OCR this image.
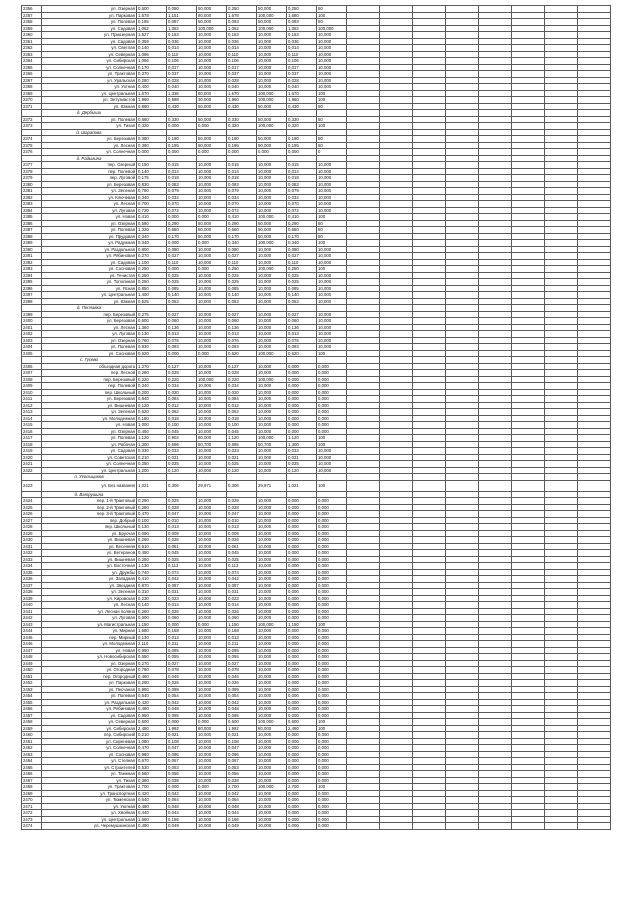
2356	ул. Озерная	0,500	0,050	50,000	0,250	50,000	0,250	50								
2357	ул. Парковая	1,678	1,151	80,000	1,678	100,000	1,680	100								
2358	ул. Полевая	0,185	0,087	50,000	0,093	50,000	0,093	50								
2359	ул. Садовая	1,062	1,062	100,000	1,062	100,000	1,062	100,000								
2360	ул. Приозерная	1,527	0,153	10,000	0,153	10,000	0,153	10,000								
2361	ул. Садовая	0,359	0,036	10,000	0,036	10,000	0,036	10,000								
2362	ул. Светлая	0,140	0,014	10,000	0,014	10,000	0,014	10,000								
2363	ул. Северная	1,096	0,110	10,000	0,110	10,000	0,110	10,000								
2364	ул. Сибирская	1,056	0,106	10,000	0,106	10,000	0,106	10,000								
2365	ул. Солнечная	0,170	0,017	10,000	0,017	10,000	0,017	10,000								
2366	ул. Трактовая	0,370	0,037	10,000	0,037	10,000	0,037	10,000								
2367	ул. Уральская	0,280	0,028	10,000	0,028	10,000	0,028	10,000								
2368	ул. Ухтная	0,400	0,040	10,000	0,040	10,000	0,040	10,000								
2369	ул. Центральная	1,670	1,336	80,000	1,670	100,000	1,670	100								
2370	ул. Энтузиастов	1,960	0,588	30,000	1,960	100,000	1,960	100								
2371	ул. Южная	0,860	0,430	50,000	0,430	50,000	0,430	50								
	д. Дербыши															
2372	ул. Полевая	0,660	0,330	50,000	0,330	50,000	0,330	50								
2373	ул. Тихая	0,320	0,000	0,000	0,320	100,000	0,320	100								
	д. Шарапова															
2374	ул. Березовая	0,380	0,190	50,000	0,190	50,000	0,190	50								
2375	ул. Лесная	0,390	0,195	50,000	0,195	50,000	0,195	50								
2376	ул. Солнечная	0,000	0,000	0,000	0,000	0,000	0,000	0								
	д. Радыгина															
2377	пер. Озерный	0,150	0,015	10,000	0,015	10,000	0,015	10,000								
2378	пер. Полевой	0,140	0,014	10,000	0,014	10,000	0,014	10,000								
2379	пер. Луговой	0,175	0,018	10,000	0,018	10,000	0,018	10,000								
2380	ул. Березовая	0,830	0,083	10,000	0,083	10,000	0,083	10,000								
2381	ул. Зеленая	0,790	0,079	10,000	0,079	10,000	0,079	10,000								
2382	ул. Ключевая	0,340	0,034	10,000	0,034	10,000	0,034	10,000								
2383	ул. Лесная	0,700	0,070	10,000	0,070	10,000	0,070	10,000								
2384	ул. Луговая	0,720	0,072	10,000	0,072	10,000	0,072	10,000								
2385	ул. Новая	0,410	0,000	0,000	0,410	100,000	0,410	100								
2386	ул. Озерная	0,580	0,290	50,000	0,290	50,000	0,290	50								
2387	ул. Полевая	1,320	0,660	50,000	0,660	50,000	0,660	50								
2388	ул. Прудовая	0,340	0,170	50,000	0,170	50,000	0,170	50								
2389	ул. Радужная	0,340	0,000	0,000	0,340	100,000	0,340	100								
2390	ул. Раздольная	0,800	0,080	10,000	0,080	10,000	0,080	10,000								
2391	ул. Рябиновая	0,270	0,027	10,000	0,027	10,000	0,027	10,000								
2392	ул. Садовая	1,100	0,110	10,000	0,110	10,000	0,110	10,000								
2393	ул. Сосновая	0,250	0,000	0,000	0,250	100,000	0,250	100								
2394	ул. Тенистая	0,250	0,025	10,000	0,025	10,000	0,025	10,000								
2395	ул. Тополиная	0,250	0,025	10,000	0,025	10,000	0,025	10,000								
2396	ул. Ясная	0,850	0,085	10,000	0,085	10,000	0,085	10,000								
2397	ул. Центральная	1,400	0,140	10,000	0,140	10,000	0,140	10,000								
2398	ул. Южная	0,525	0,053	10,000	0,053	10,000	0,053	10,000								
	д. Поплавка															
2399	пер. Березовый	0,275	0,027	10,000	0,027	10,000	0,027	10,000								
2400	ул. Березовая	0,600	0,060	10,000	0,060	10,000	0,060	10,000								
2401	ул. Лесная	1,360	0,136	10,000	0,136	10,000	0,136	10,000								
2402	ул. Луговая	0,130	0,013	10,000	0,013	10,000	0,013	10,000								
2403	ул. Озерная	0,760	0,076	10,000	0,076	10,000	0,076	10,000								
2404	ул. Полевая	0,930	0,093	10,000	0,093	10,000	0,093	10,000								
2405	ул. Сосновая	0,620	0,000	0,000	0,620	100,000	0,620	100								
	с. Гусево															
2406	объездная дорога	1,270	0,127	10,000	0,127	10,000	0,000	0,000								
2407	пер. Лесной	0,280	0,028	10,000	0,028	10,000	0,000	0,000								
2408	пер. Березовый	0,220	0,220	100,000	0,220	100,000	0,000	0,000								
2409	пер. Полевой	0,340	0,034	10,000	0,034	10,000	0,000	0,000								
2410	пер. Школьный	0,200	0,020	10,000	0,020	10,000	0,000	0,000								
2411	ул. Березовая	0,840	0,084	10,000	0,084	10,000	0,000	0,000								
2412	ул. Вишневая	0,120	0,012	10,000	0,012	10,000	0,000	0,000								
2413	ул. Зеленая	0,620	0,062	10,000	0,062	10,000	0,000	0,000								
2414	ул. Молодежная	0,180	0,018	10,000	0,018	10,000	0,000	0,000								
2415	ул. Новая	1,000	0,100	10,000	0,100	10,000	0,000	0,000								
2416	ул. Озерная	0,450	0,045	10,000	0,045	10,000	0,000	0,000								
2417	ул. Полевая	1,120	0,902	80,000	1,120	100,000	1,120	100								
2418	ул. Рабочая	1,300	0,696	50,700	0,695	50,700	1,300	100								
2419	ул. Садовая	0,330	0,033	10,000	0,033	10,000	0,033	10,000								
2420	ул. Советская	0,210	0,021	10,000	0,021	10,000	0,021	10,000								
2421	ул. Солнечная	0,250	0,025	10,000	0,025	10,000	0,025	10,000								
2422	ул. Центральная	1,200	0,120	10,000	0,120	10,000	0,120	10,000								
	п. Угольщиков															
2423	ул. Без названия	1,021	0,306	29,971	0,306	29,971	1,021	100								
	д. Ватрушина															
2424	пер. 1-й Трактовый	0,290	0,029	10,000	0,029	10,000	0,000	0,000								
2425	пер. 2-й Трактовый	0,280	0,028	10,000	0,028	10,000	0,000	0,000								
2426	пер. 3-й Трактовый	0,470	0,047	10,000	0,047	10,000	0,000	0,000								
2427	пер. Добрый	0,100	0,010	10,000	0,010	10,000	0,000	0,000								
2428	пер. Школьный	0,130	0,013	10,000	0,013	10,000	0,000	0,000								
2429	ул. Брусчая	0,090	0,009	10,000	0,009	10,000	0,000	0,000								
2430	ул. Вишневая	0,260	0,026	10,000	0,026	10,000	0,000	0,000								
2431	ул. Весенняя	0,610	0,061	10,000	0,061	10,000	0,000	0,000								
2432	ул. Ветеранов	0,450	0,045	10,000	0,045	10,000	0,000	0,000								
2433	ул. Вишневая	0,250	0,025	10,000	0,025	10,000	0,000	0,000								
2434	ул. Восточная	1,130	0,113	10,000	0,113	10,000	0,000	0,000								
2435	ул. Дружбы	0,740	0,074	10,000	0,074	10,000	0,000	0,000								
2436	ул. Западная	0,410	0,042	10,000	0,042	10,000	0,000	0,000								
2437	ул. Звездная	0,870	0,087	10,000	0,087	10,000	0,000	0,000								
2438	ул. Зеленая	0,310	0,031	10,000	0,031	10,000	0,000	0,000								
2439	ул. Кировская	0,230	0,023	10,000	0,023	10,000	0,000	0,000								
2440	ул. Лесная	0,140	0,014	10,000	0,014	10,000	0,000	0,000								
2441	ул. Лесная поляна	0,260	0,026	10,000	0,026	10,000	0,000	0,000								
2442	ул. Луговая	0,600	0,060	10,000	0,060	10,000	0,000	0,000								
2443	ул. Магистральная	1,150	0,000	0,000	1,150	100,000	1,150	100								
2444	ул. Мирная	1,680	0,168	10,000	0,168	10,000	0,000	0,000								
2445	пер. Мирный	0,130	0,013	10,000	0,013	10,000	0,000	0,000								
2446	ул. Молодежная	2,110	0,211	10,000	0,211	10,000	0,000	0,000								
2447	ул. Новая	0,950	0,095	10,000	0,095	10,000	0,000	0,000								
2448	ул. Новосибирская	0,550	0,055	10,000	0,055	10,000	0,000	0,000								
2449	ул. Озерная	0,270	0,027	10,000	0,027	10,000	0,000	0,000								
2450	ул. Огородная	0,780	0,078	10,000	0,078	10,000	0,000	0,000								
2451	пер. Огородный	0,460	0,046	10,000	0,046	10,000	0,000	0,000								
2452	ул. Парковая	0,260	0,026	10,000	0,026	10,000	0,000	0,000								
2453	ул. Песчаная	0,990	0,099	10,000	0,099	10,000	0,000	0,000								
2454	ул. Полевая	0,540	0,054	10,000	0,054	10,000	0,000	0,000								
2455	ул. Раздольная	0,420	0,042	10,000	0,042	10,000	0,000	0,000								
2456	ул. Рябиновая	0,480	0,048	10,000	0,048	10,000	0,000	0,000								
2457	ул. Садовая	0,950	0,095	10,000	0,095	10,000	0,000	0,000								
2458	ул. Северная	0,600	0,000	0,000	0,600	100,000	0,600	100								
2459	ул. Сибирская	2,490	1,992	80,000	1,992	80,000	2,490	100								
2460	пер. Сибирский	0,210	0,021	10,000	0,021	10,000	0,000	0,000								
2461	ул. Сиреневая	1,080	0,108	10,000	0,108	10,000	0,000	0,000								
2462	ул. Солнечная	0,470	0,047	10,000	0,047	10,000	0,000	0,000								
2463	ул. Сосновая	0,960	0,096	10,000	0,096	10,000	0,000	0,000								
2464	ул. Степная	0,670	0,067	10,000	0,067	10,000	0,000	0,000								
2465	ул. Строителей	0,530	0,053	10,000	0,053	10,000	0,000	0,000								
2466	ул. Таежная	0,560	0,056	10,000	0,056	10,000	0,000	0,000								
2467	ул. Тихая	0,380	0,038	10,000	0,038	10,000	0,000	0,000								
2468	ул. Трактовая	2,700	0,000	0,000	2,700	100,000	2,700	100								
2469	ул. Транспортная	0,420	0,042	10,000	0,042	10,000	0,000	0,000								
2470	ул. Тюменская	0,640	0,064	10,000	0,064	10,000	0,000	0,000								
2471	ул. Уютная	0,480	0,048	10,000	0,048	10,000	0,000	0,000								
2472	ул. Хвойная	0,440	0,044	10,000	0,044	10,000	0,000	0,000								
2473	ул. Центральная	1,660	0,166	10,000	0,166	10,000	0,000	0,000								
2474	ул. Черемушкинская	0,490	0,049	10,000	0,049	10,000	0,000	0,000								
